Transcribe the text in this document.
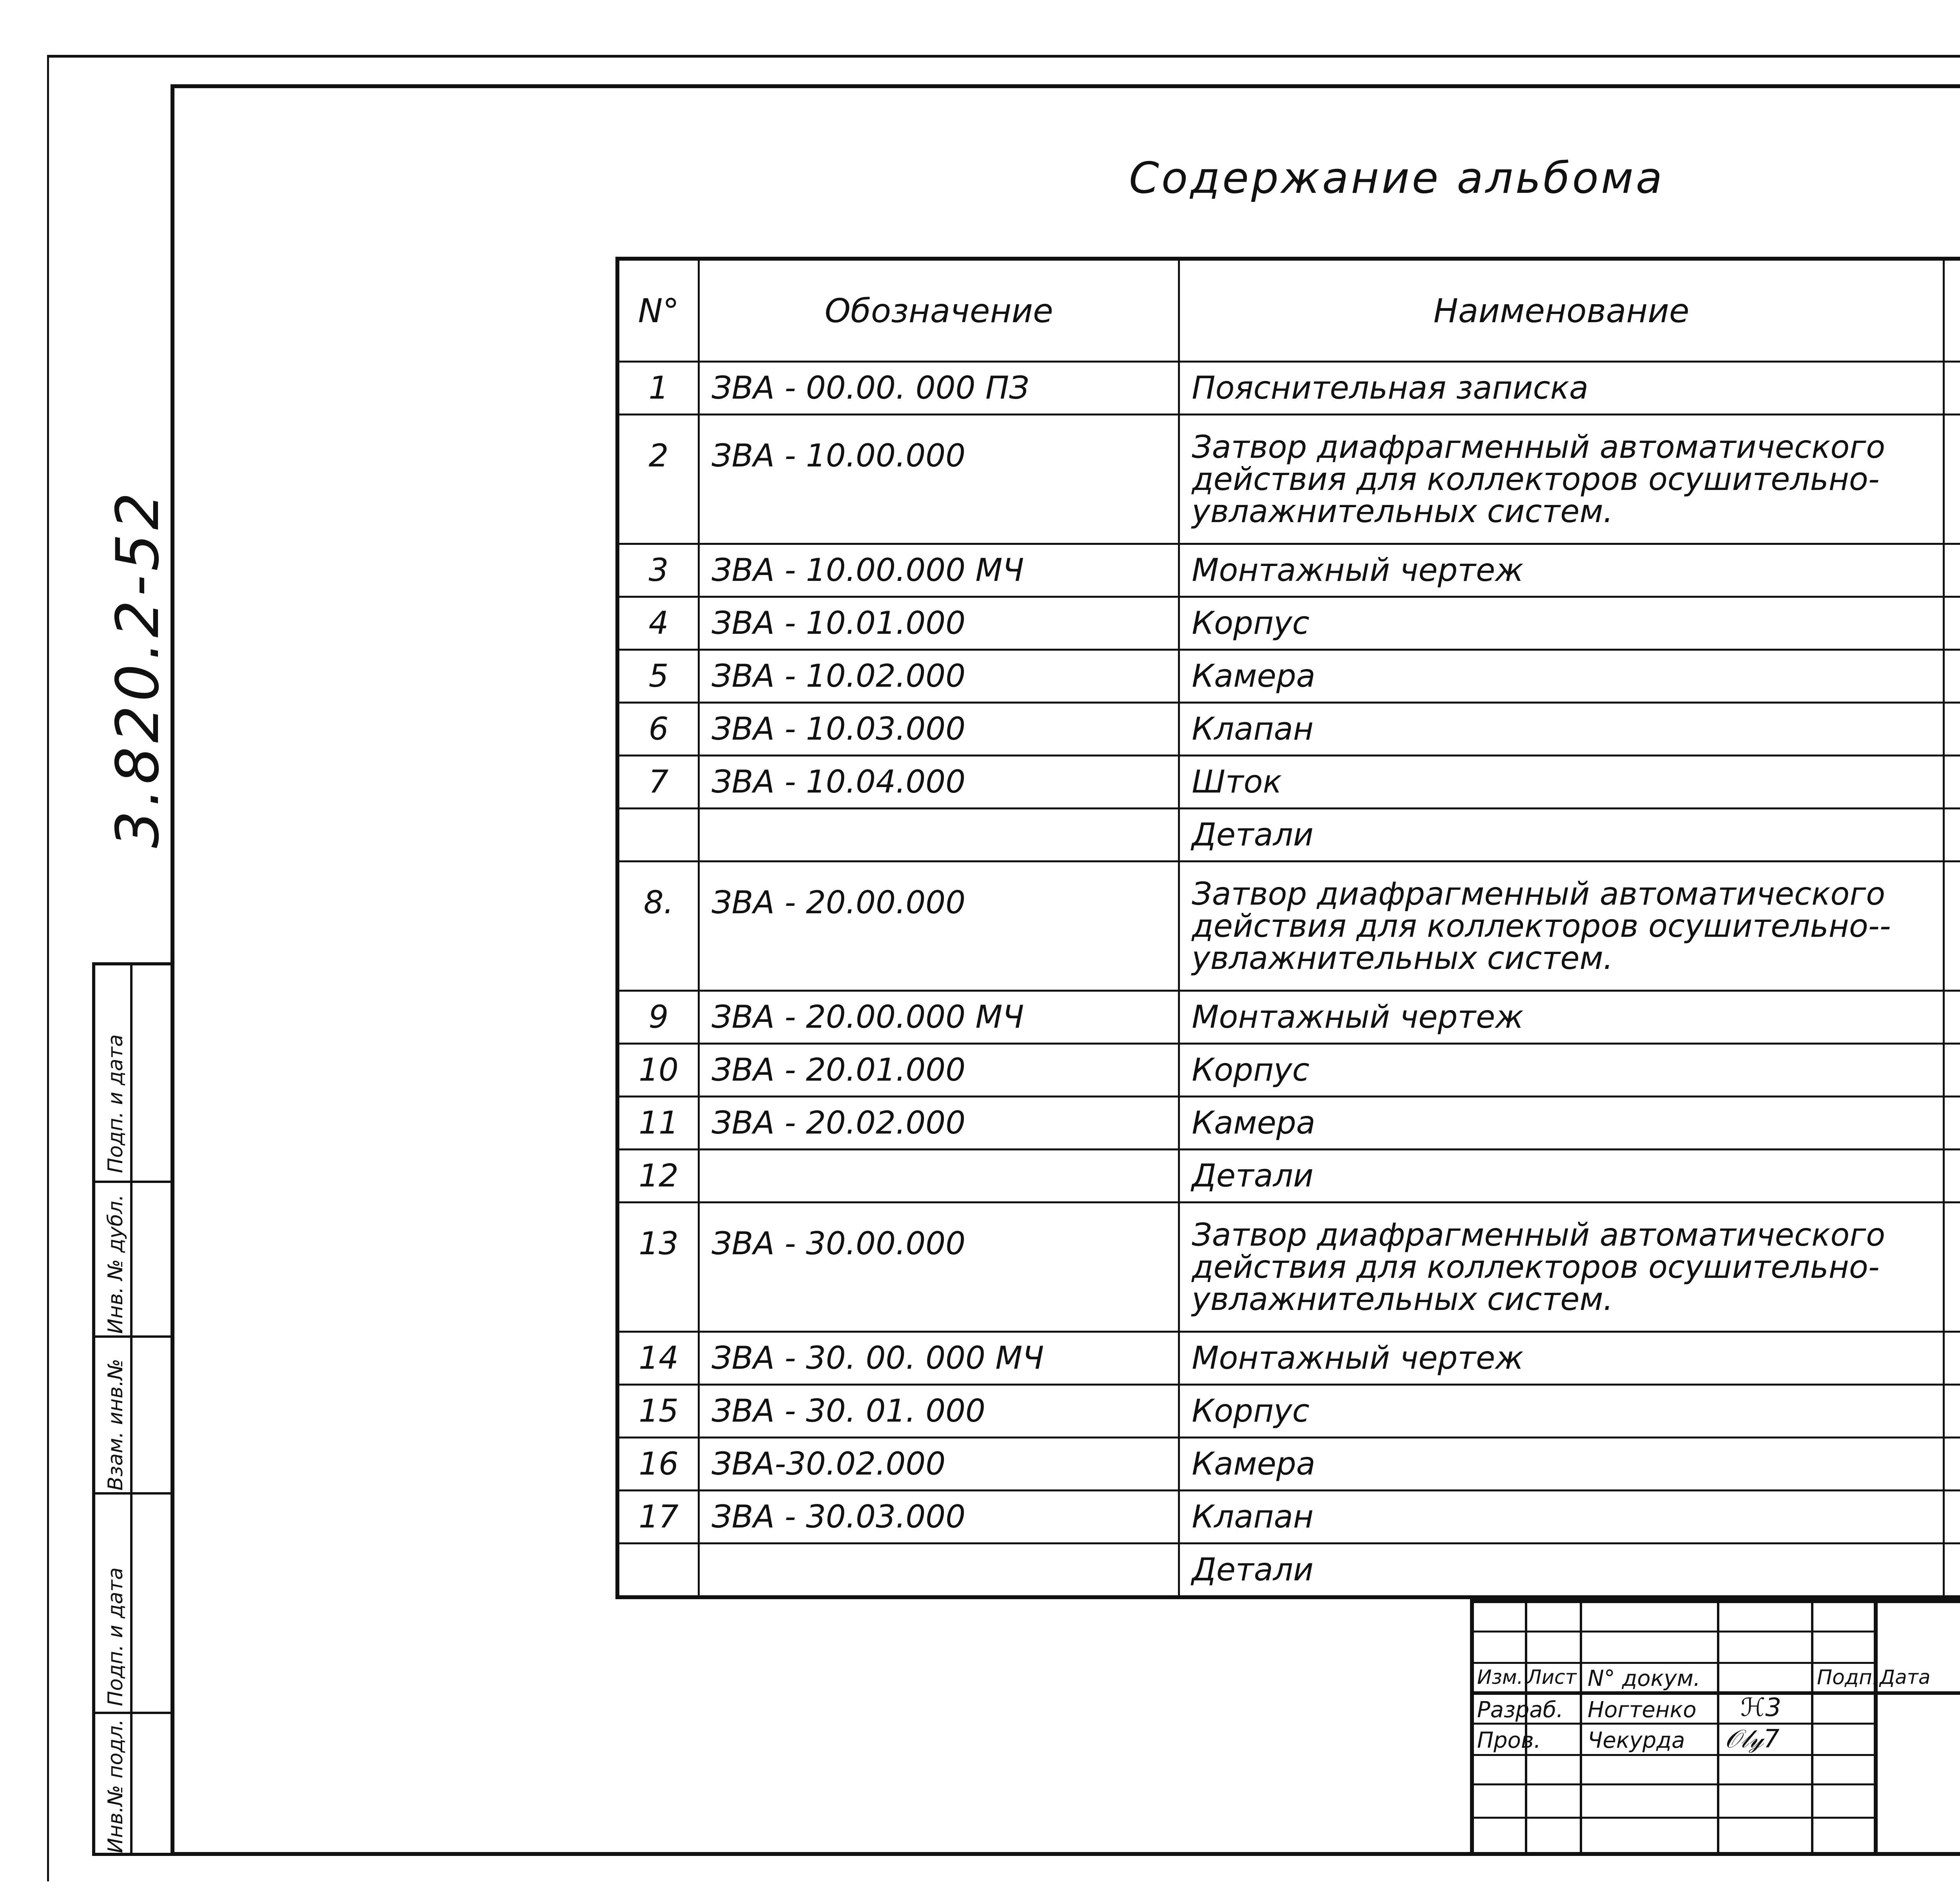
3.820.2-52
Содержание альбома
N°	Обозначение	Наименование	
1	ЗВА - 00.00. 000 ПЗ	Пояснительная записка	
2	ЗВА - 10.00.000	Затвор диафрагменный автоматического действия для коллекторов осушительно-увлажнительных систем.	
3	ЗВА - 10.00.000 МЧ	Монтажный чертеж	
4	ЗВА - 10.01.000	Корпус	
5	ЗВА - 10.02.000	Камера	
6	ЗВА - 10.03.000	Клапан	
7	ЗВА - 10.04.000	Шток	
		Детали	
8.	ЗВА - 20.00.000	Затвор диафрагменный автоматического действия для коллекторов осушительно--увлажнительных систем.	
9	ЗВА - 20.00.000 МЧ	Монтажный чертеж	
10	ЗВА - 20.01.000	Корпус	
11	ЗВА - 20.02.000	Камера	
12		Детали	
13	ЗВА - 30.00.000	Затвор диафрагменный автоматического действия для коллекторов осушительно-увлажнительных систем.	
14	ЗВА - 30. 00. 000 МЧ	Монтажный чертеж	
15	ЗВА - 30. 01. 000	Корпус	
16	ЗВА-30.02.000	Камера	
17	ЗВА - 30.03.000	Клапан	
		Детали	
Подп. и дата
Инв. № дубл.
Взам. инв.№
Подп. и дата
Инв.№ подл.
Изм. Лист N° докум.	Подп. Дата
Разраб. Ногтенко ℋ3
Пров. Чекурда 𝒪𝓁𝓎7
